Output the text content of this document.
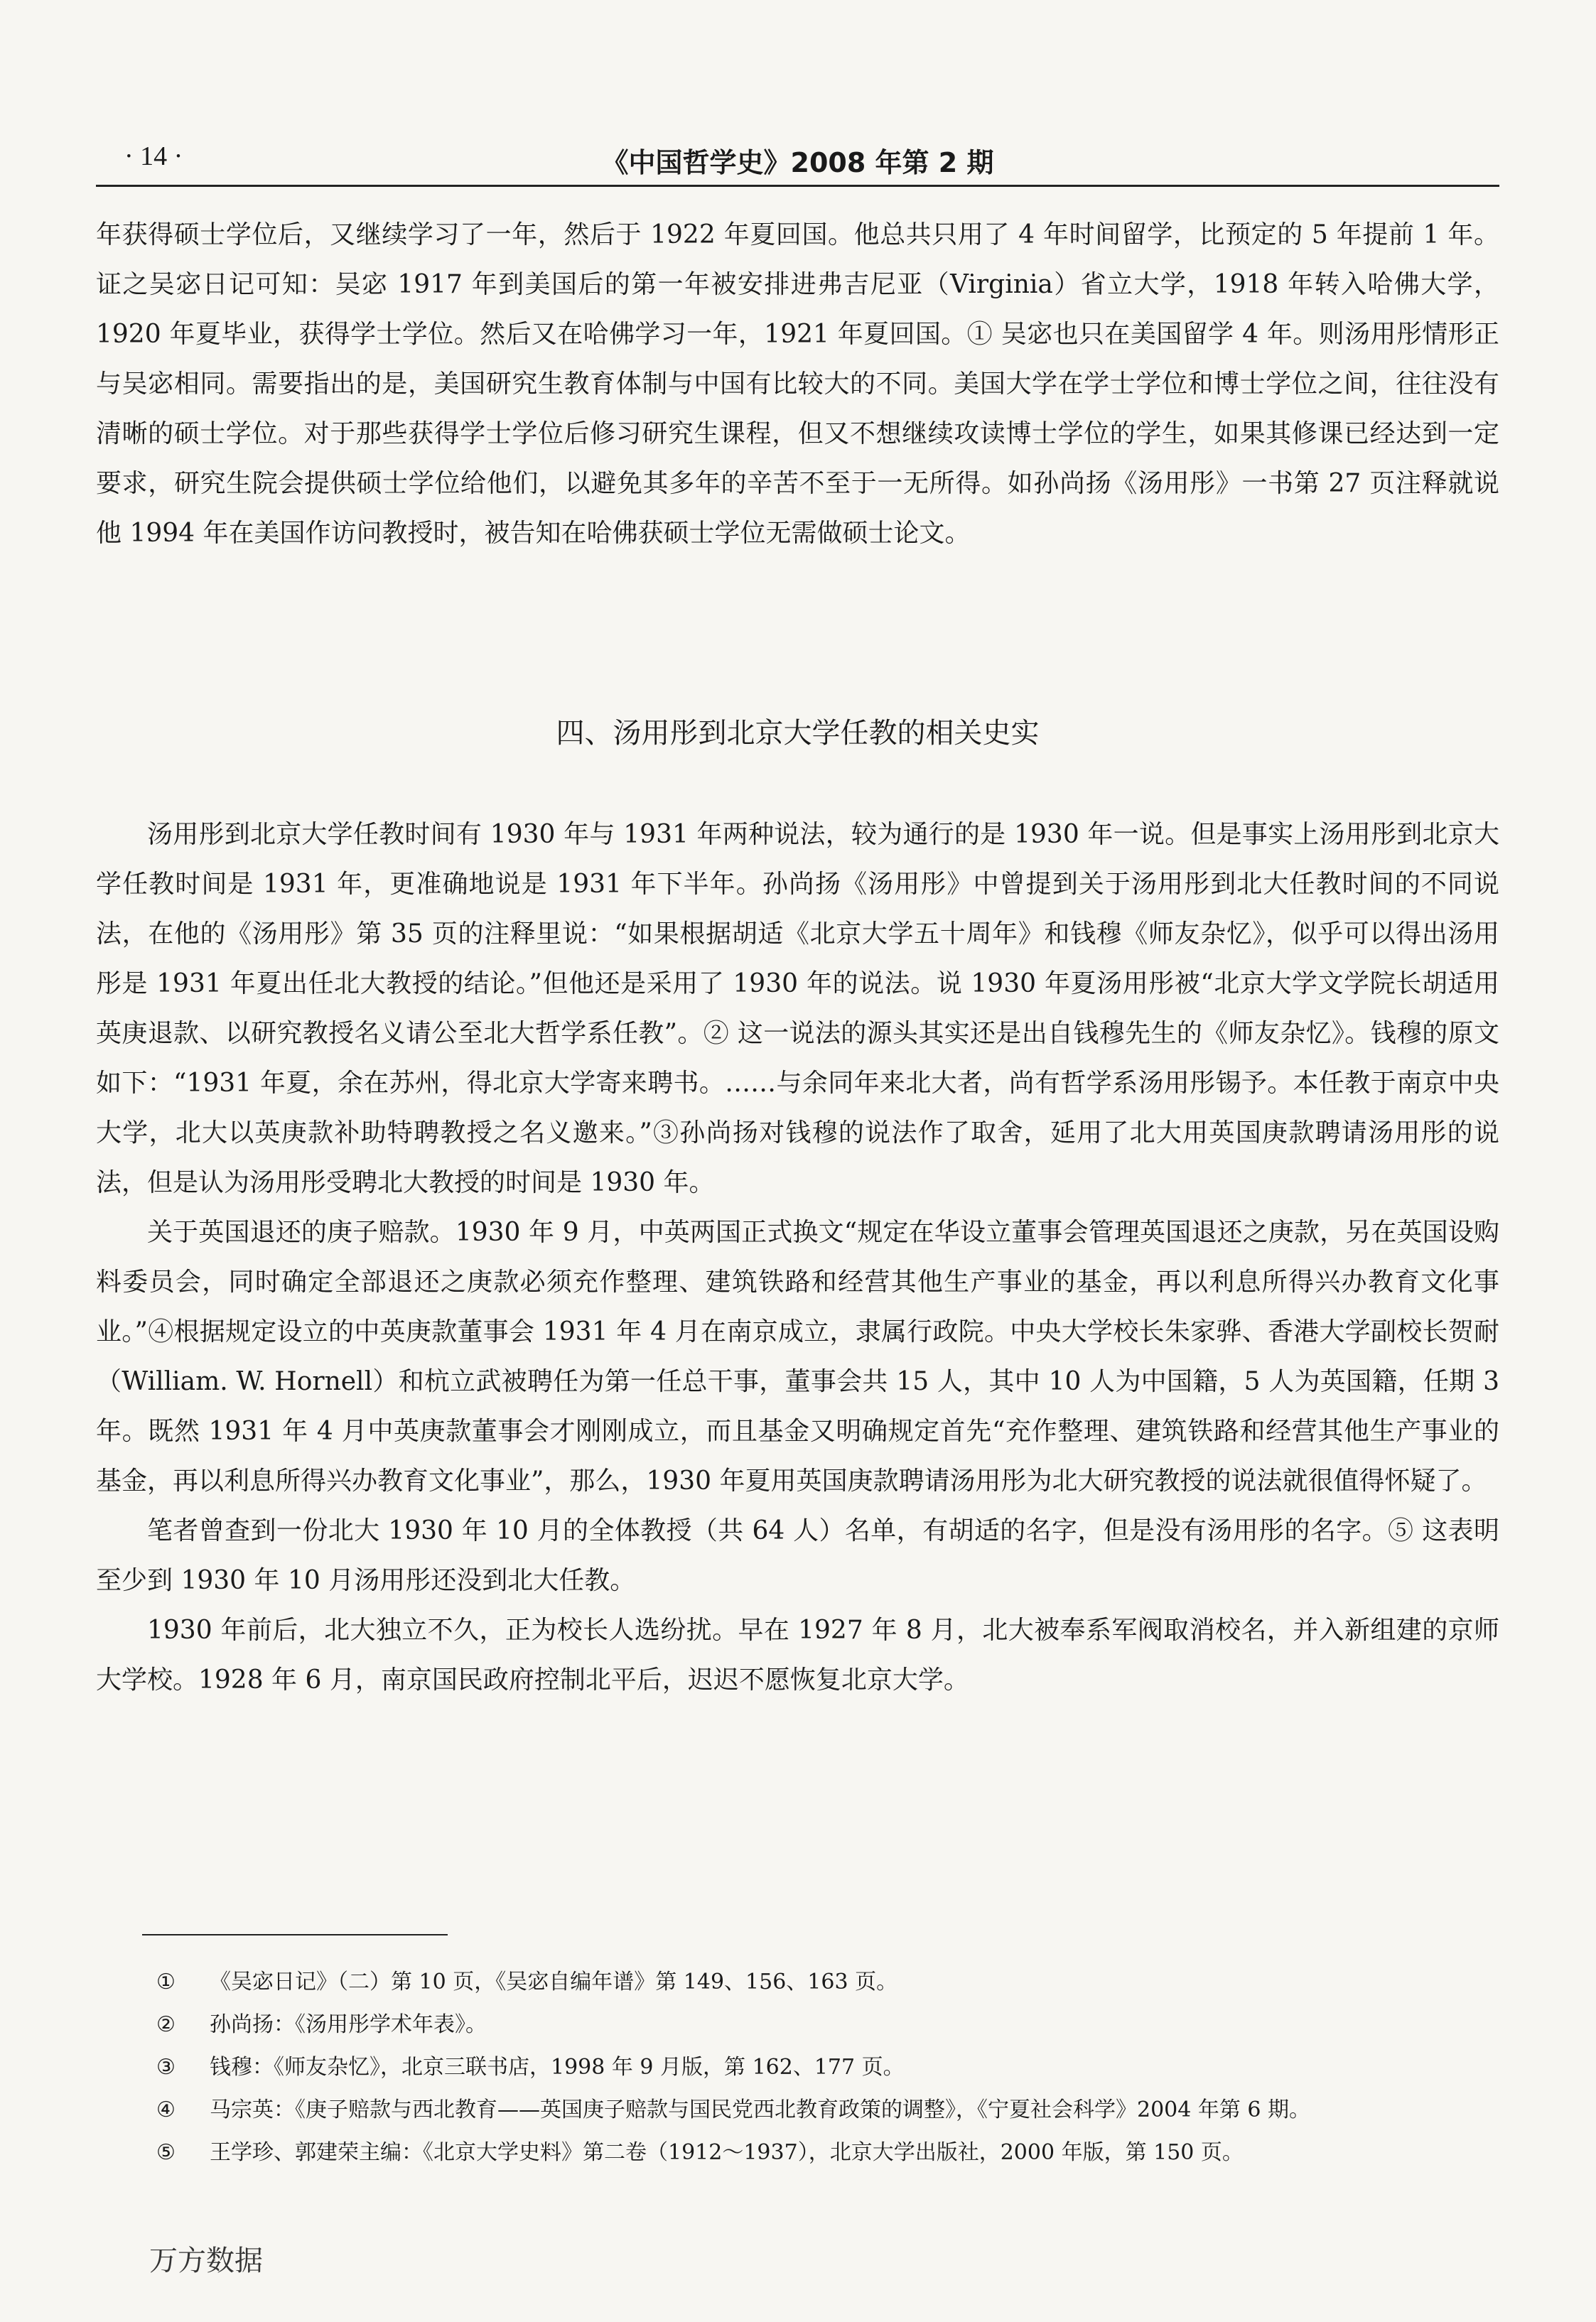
· 14 ·	《中国哲学史》2008 年第 2 期

年获得硕士学位后，又继续学习了一年，然后于 1922 年夏回国。他总共只用了 4 年时间留学，比预定的 5 年提前 1 年。证之吴宓日记可知：吴宓 1917 年到美国后的第一年被安排进弗吉尼亚（Virginia）省立大学，1918 年转入哈佛大学，1920 年夏毕业，获得学士学位。然后又在哈佛学习一年，1921 年夏回国。① 吴宓也只在美国留学 4 年。则汤用彤情形正与吴宓相同。需要指出的是，美国研究生教育体制与中国有比较大的不同。美国大学在学士学位和博士学位之间，往往没有清晰的硕士学位。对于那些获得学士学位后修习研究生课程，但又不想继续攻读博士学位的学生，如果其修课已经达到一定要求，研究生院会提供硕士学位给他们，以避免其多年的辛苦不至于一无所得。如孙尚扬《汤用彤》一书第 27 页注释就说他 1994 年在美国作访问教授时，被告知在哈佛获硕士学位无需做硕士论文。

四、汤用彤到北京大学任教的相关史实

汤用彤到北京大学任教时间有 1930 年与 1931 年两种说法，较为通行的是 1930 年一说。但是事实上汤用彤到北京大学任教时间是 1931 年，更准确地说是 1931 年下半年。孙尚扬《汤用彤》中曾提到关于汤用彤到北大任教时间的不同说法，在他的《汤用彤》第 35 页的注释里说：“如果根据胡适《北京大学五十周年》和钱穆《师友杂忆》，似乎可以得出汤用彤是 1931 年夏出任北大教授的结论。”但他还是采用了 1930 年的说法。说 1930 年夏汤用彤被“北京大学文学院长胡适用英庚退款、以研究教授名义请公至北大哲学系任教”。② 这一说法的源头其实还是出自钱穆先生的《师友杂忆》。钱穆的原文如下：“1931 年夏，余在苏州，得北京大学寄来聘书。……与余同年来北大者，尚有哲学系汤用彤锡予。本任教于南京中央大学，北大以英庚款补助特聘教授之名义邀来。”③孙尚扬对钱穆的说法作了取舍，延用了北大用英国庚款聘请汤用彤的说法，但是认为汤用彤受聘北大教授的时间是 1930 年。

关于英国退还的庚子赔款。1930 年 9 月，中英两国正式换文“规定在华设立董事会管理英国退还之庚款，另在英国设购料委员会，同时确定全部退还之庚款必须充作整理、建筑铁路和经营其他生产事业的基金，再以利息所得兴办教育文化事业。”④根据规定设立的中英庚款董事会 1931 年 4 月在南京成立，隶属行政院。中央大学校长朱家骅、香港大学副校长贺耐（William. W. Hornell）和杭立武被聘任为第一任总干事，董事会共 15 人，其中 10 人为中国籍，5 人为英国籍，任期 3 年。既然 1931 年 4 月中英庚款董事会才刚刚成立，而且基金又明确规定首先“充作整理、建筑铁路和经营其他生产事业的基金，再以利息所得兴办教育文化事业”，那么，1930 年夏用英国庚款聘请汤用彤为北大研究教授的说法就很值得怀疑了。

笔者曾查到一份北大 1930 年 10 月的全体教授（共 64 人）名单，有胡适的名字，但是没有汤用彤的名字。⑤ 这表明至少到 1930 年 10 月汤用彤还没到北大任教。

1930 年前后，北大独立不久，正为校长人选纷扰。早在 1927 年 8 月，北大被奉系军阀取消校名，并入新组建的京师大学校。1928 年 6 月，南京国民政府控制北平后，迟迟不愿恢复北京大学。

① 《吴宓日记》（二）第 10 页，《吴宓自编年谱》第 149、156、163 页。
② 孙尚扬：《汤用彤学术年表》。
③ 钱穆：《师友杂忆》，北京三联书店，1998 年 9 月版，第 162、177 页。
④ 马宗英：《庚子赔款与西北教育——英国庚子赔款与国民党西北教育政策的调整》，《宁夏社会科学》2004 年第 6 期。
⑤ 王学珍、郭建荣主编：《北京大学史料》第二卷（1912～1937），北京大学出版社，2000 年版，第 150 页。
万方数据
